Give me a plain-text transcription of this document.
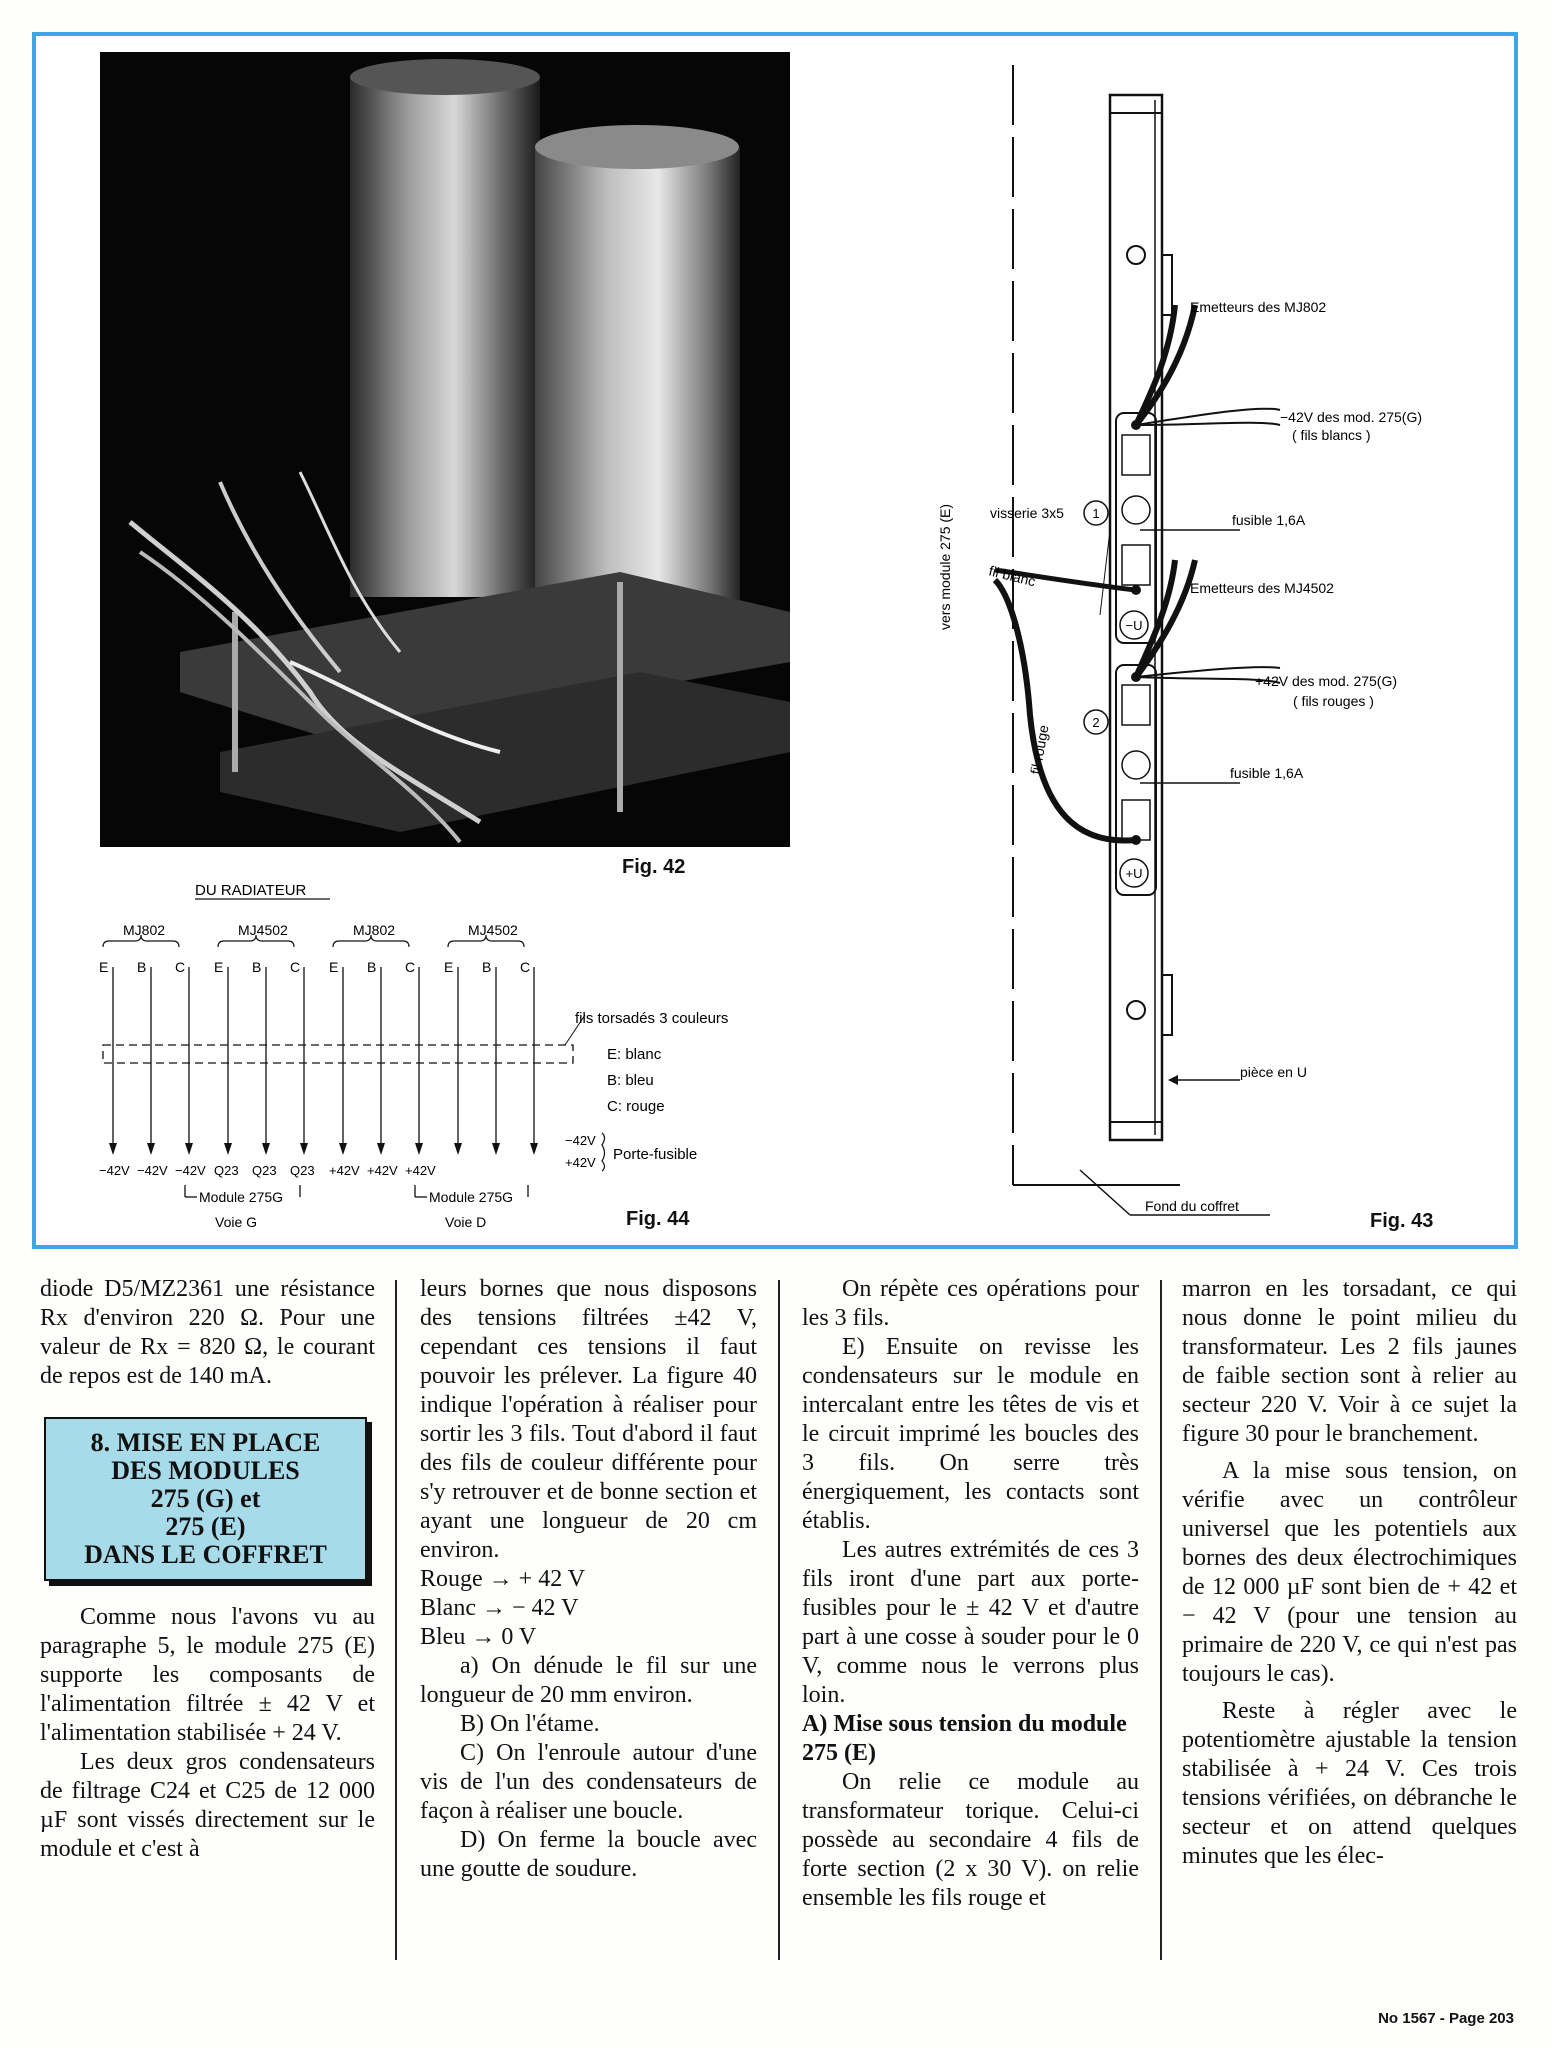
Fig. 42
1
2
−U
+U
Emetteurs des MJ802
−42V des mod. 275(G)
( fils blancs )
visserie 3x5	fusible 1,6A
fil blanc	Emetteurs des MJ4502
+42V des mod. 275(G)
( fils rouges )
fusible 1,6A
pièce en U
Fond du coffret
vers module 275 (E)
fil rouge
Fig. 43
DU RADIATEUR
MJ802
E
−42V
B
−42V
C
−42V
MJ4502
E
Q23
B
Q23
C
Q23
MJ802
E
+42V
B
+42V
C
+42V
MJ4502
E B C
fils torsadés 3 couleurs
E: blanc
B: bleu
C: rouge
−42V
+42V Porte-fusible
Module 275G
Voie G
Module 275G
Voie D	Fig. 44

diode D5/MZ2361 une résistance Rx d'environ 220 Ω. Pour une valeur de Rx = 820 Ω, le courant de repos est de 140 mA.

8. MISE EN PLACE
DES MODULES
275 (G) et
275 (E)
DANS LE COFFRET

Comme nous l'avons vu au paragraphe 5, le module 275 (E) supporte les composants de l'alimentation filtrée ± 42 V et l'alimentation stabilisée + 24 V.

Les deux gros condensateurs de filtrage C24 et C25 de 12 000 µF sont vissés directement sur le module et c'est à

leurs bornes que nous disposons des tensions filtrées ±42 V, cependant ces tensions il faut pouvoir les prélever. La figure 40 indique l'opération à réaliser pour sortir les 3 fils. Tout d'abord il faut des fils de couleur différente pour s'y retrouver et de bonne section et ayant une longueur de 20 cm environ.

Rouge → + 42 V

Blanc → − 42 V

Bleu → 0 V

a) On dénude le fil sur une longueur de 20 mm environ.

B) On l'étame.

C) On l'enroule autour d'une vis de l'un des condensateurs de façon à réaliser une boucle.

D) On ferme la boucle avec une goutte de soudure.

On répète ces opérations pour les 3 fils.

E) Ensuite on revisse les condensateurs sur le module en intercalant entre les têtes de vis et le circuit imprimé les boucles des 3 fils. On serre très énergiquement, les contacts sont établis.

Les autres extrémités de ces 3 fils iront d'une part aux porte-fusibles pour le ± 42 V et d'autre part à une cosse à souder pour le 0 V, comme nous le verrons plus loin.

A) Mise sous tension du module 275 (E)

On relie ce module au transformateur torique. Celui-ci possède au secondaire 4 fils de forte section (2 x 30 V). on relie ensemble les fils rouge et

marron en les torsadant, ce qui nous donne le point milieu du transformateur. Les 2 fils jaunes de faible section sont à relier au secteur 220 V. Voir à ce sujet la figure 30 pour le branchement.

A la mise sous tension, on vérifie avec un contrôleur universel que les potentiels aux bornes des deux électrochimiques de 12 000 µF sont bien de + 42 et − 42 V (pour une tension au primaire de 220 V, ce qui n'est pas toujours le cas).

Reste à régler avec le potentiomètre ajustable la tension stabilisée à + 24 V. Ces trois tensions vérifiées, on débranche le secteur et on attend quelques minutes que les élec-

No 1567 - Page 203
